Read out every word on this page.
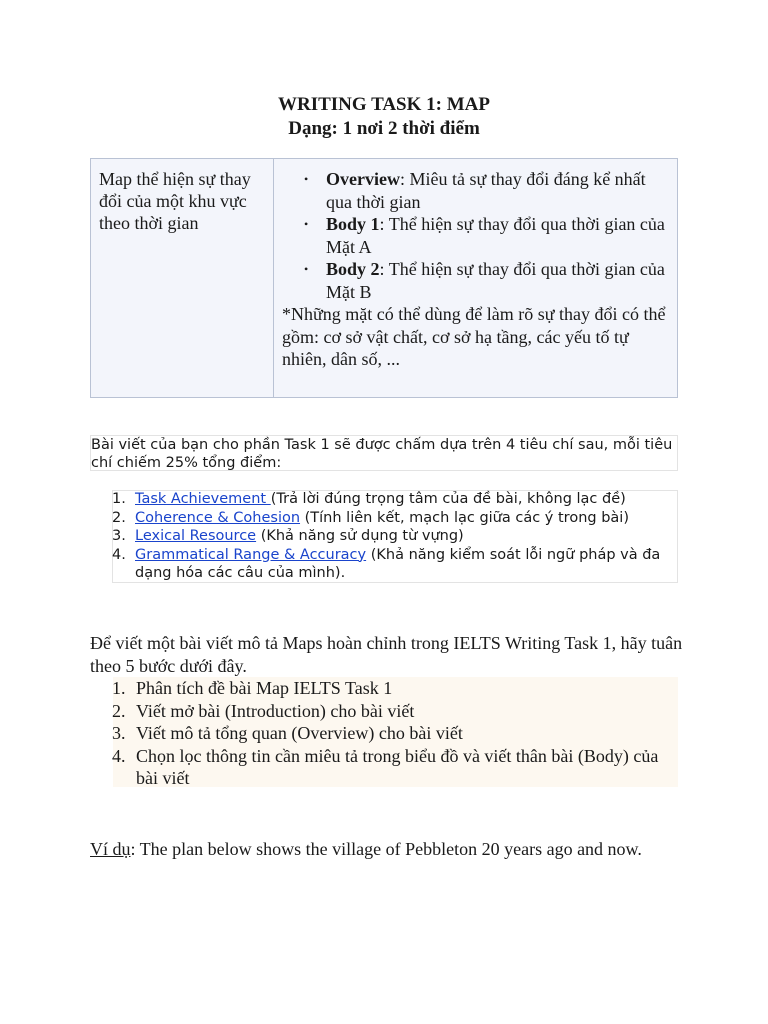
WRITING TASK 1: MAP
Dạng: 1 nơi 2 thời điểm
Map thể hiện sự thay đổi của một khu vực theo thời gian
• Overview: Miêu tả sự thay đổi đáng kể nhất qua thời gian
• Body 1: Thể hiện sự thay đổi qua thời gian của Mặt A
• Body 2: Thể hiện sự thay đổi qua thời gian của Mặt B

*Những mặt có thể dùng để làm rõ sự thay đổi có thể gồm: cơ sở vật chất, cơ sở hạ tầng, các yếu tố tự nhiên, dân số, ...

Bài viết của bạn cho phần Task 1 sẽ được chấm dựa trên 4 tiêu chí sau, mỗi tiêu chí chiếm 25% tổng điểm:
1. Task Achievement (Trả lời đúng trọng tâm của đề bài, không lạc đề)
2. Coherence & Cohesion (Tính liên kết, mạch lạc giữa các ý trong bài)
3. Lexical Resource (Khả năng sử dụng từ vựng)
4. Grammatical Range & Accuracy (Khả năng kiểm soát lỗi ngữ pháp và đa dạng hóa các câu của mình).
Để viết một bài viết mô tả Maps hoàn chỉnh trong IELTS Writing Task 1, hãy tuân theo 5 bước dưới đây.
1. Phân tích đề bài Map IELTS Task 1
2. Viết mở bài (Introduction) cho bài viết
3. Viết mô tả tổng quan (Overview) cho bài viết
4. Chọn lọc thông tin cần miêu tả trong biểu đồ và viết thân bài (Body) của bài viết
Ví dụ: The plan below shows the village of Pebbleton 20 years ago and now.
